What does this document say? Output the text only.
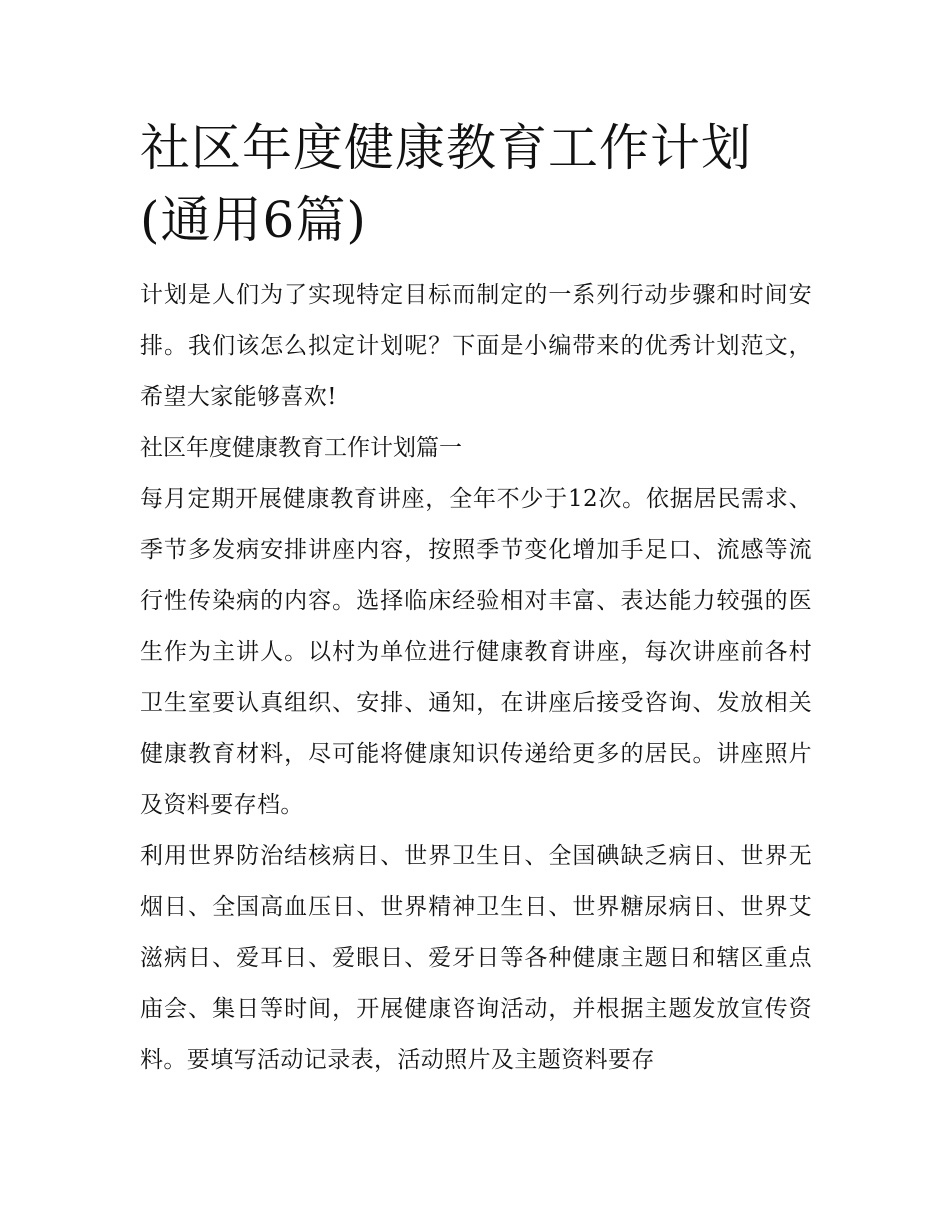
社区年度健康教育工作计划(通用6篇)

计划是人们为了实现特定目标而制定的一系列行动步骤和时间安排。我们该怎么拟定计划呢？下面是小编带来的优秀计划范文，希望大家能够喜欢!

社区年度健康教育工作计划篇一

每月定期开展健康教育讲座，全年不少于12次。依据居民需求、季节多发病安排讲座内容，按照季节变化增加手足口、流感等流行性传染病的内容。选择临床经验相对丰富、表达能力较强的医生作为主讲人。以村为单位进行健康教育讲座，每次讲座前各村卫生室要认真组织、安排、通知，在讲座后接受咨询、发放相关健康教育材料，尽可能将健康知识传递给更多的居民。讲座照片及资料要存档。

利用世界防治结核病日、世界卫生日、全国碘缺乏病日、世界无烟日、全国高血压日、世界精神卫生日、世界糖尿病日、世界艾滋病日、爱耳日、爱眼日、爱牙日等各种健康主题日和辖区重点庙会、集日等时间，开展健康咨询活动，并根据主题发放宣传资料。要填写活动记录表，活动照片及主题资料要存
